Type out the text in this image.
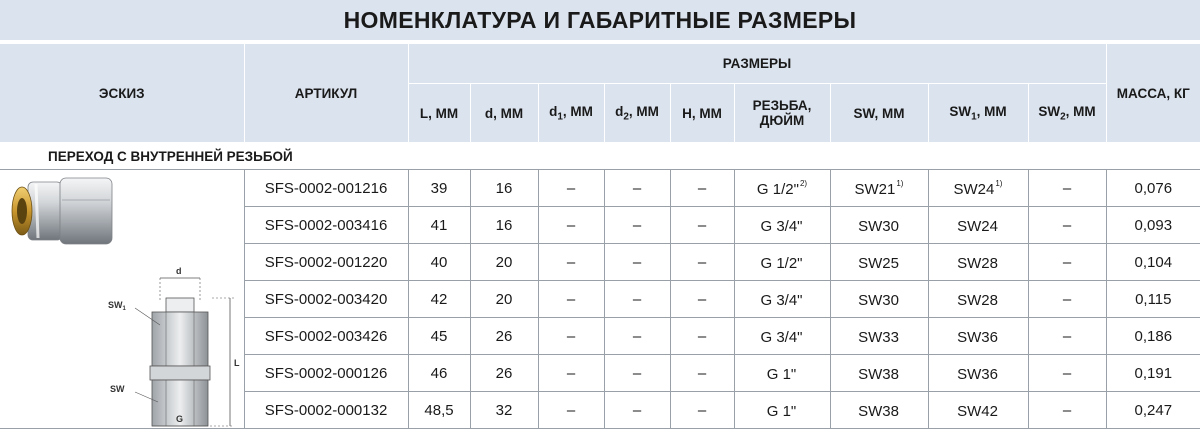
НОМЕНКЛАТУРА И ГАБАРИТНЫЕ РАЗМЕРЫ
ЭСКИЗ	АРТИКУЛ	РАЗМЕРЫ									МАССА, КГ
		L, ММ	d, ММ	$d_1$, ММ	$d_2$, ММ	H, ММ	РЕЗЬБА,
ДЮЙМ	SW, ММ	$SW_1$, ММ	$SW_2$, ММ	
ПЕРЕХОД С ВНУТРЕННЕЙ РЕЗЬБОЙ											

d
L
G
$SW_1$
SW	SFS-0002-001216	39	16	–	–	–	G 1/2"$^{2)}$	SW21$^{1)}$	SW24$^{1)}$	–	0,076
	SFS-0002-003416	41	16	–	–	–	G 3/4"	SW30	SW24	–	0,093
	SFS-0002-001220	40	20	–	–	–	G 1/2"	SW25	SW28	–	0,104
	SFS-0002-003420	42	20	–	–	–	G 3/4"	SW30	SW28	–	0,115
	SFS-0002-003426	45	26	–	–	–	G 3/4"	SW33	SW36	–	0,186
	SFS-0002-000126	46	26	–	–	–	G 1"	SW38	SW36	–	0,191
	SFS-0002-000132	48,5	32	–	–	–	G 1"	SW38	SW42	–	0,247
